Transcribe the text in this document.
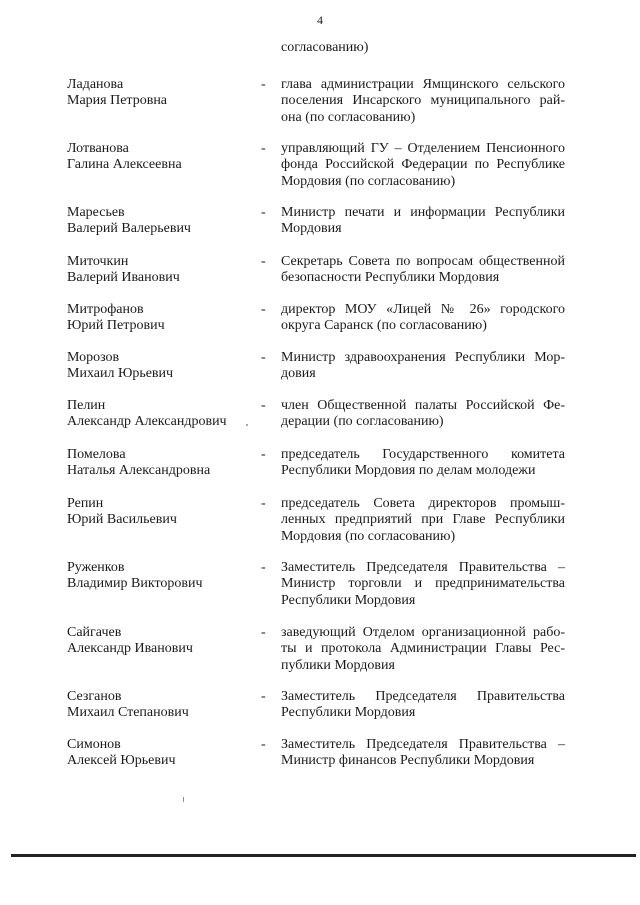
4
согласованию)
Ладанова
Мария Петровна
- глава администрации Ямщинского сельского
поселения Инсарского муниципального рай-
она (по согласованию)
Лотванова
Галина Алексеевна
- управляющий ГУ – Отделением Пенсионного
фонда Российской Федерации по Республике
Мордовия (по согласованию)
Маресьев
Валерий Валерьевич
- Министр печати и информации Республики
Мордовия
Миточкин
Валерий Иванович
- Секретарь Совета по вопросам общественной
безопасности Республики Мордовия
Митрофанов
Юрий Петрович
- директор МОУ «Лицей № 26» городского
округа Саранск (по согласованию)
Морозов
Михаил Юрьевич
- Министр здравоохранения Республики Мор-
довия
Пелин
Александр Александрович
- член Общественной палаты Российской Фе-
дерации (по согласованию)
Помелова
Наталья Александровна
- председатель Государственного комитета
Республики Мордовия по делам молодежи
Репин
Юрий Васильевич
- председатель Совета директоров промыш-
ленных предприятий при Главе Республики
Мордовия (по согласованию)
Руженков
Владимир Викторович
- Заместитель Председателя Правительства –
Министр торговли и предпринимательства
Республики Мордовия
Сайгачев
Александр Иванович
- заведующий Отделом организационной рабо-
ты и протокола Администрации Главы Рес-
публики Мордовия
Сезганов
Михаил Степанович
- Заместитель Председателя Правительства
Республики Мордовия
Симонов
Алексей Юрьевич
- Заместитель Председателя Правительства –
Министр финансов Республики Мордовия
